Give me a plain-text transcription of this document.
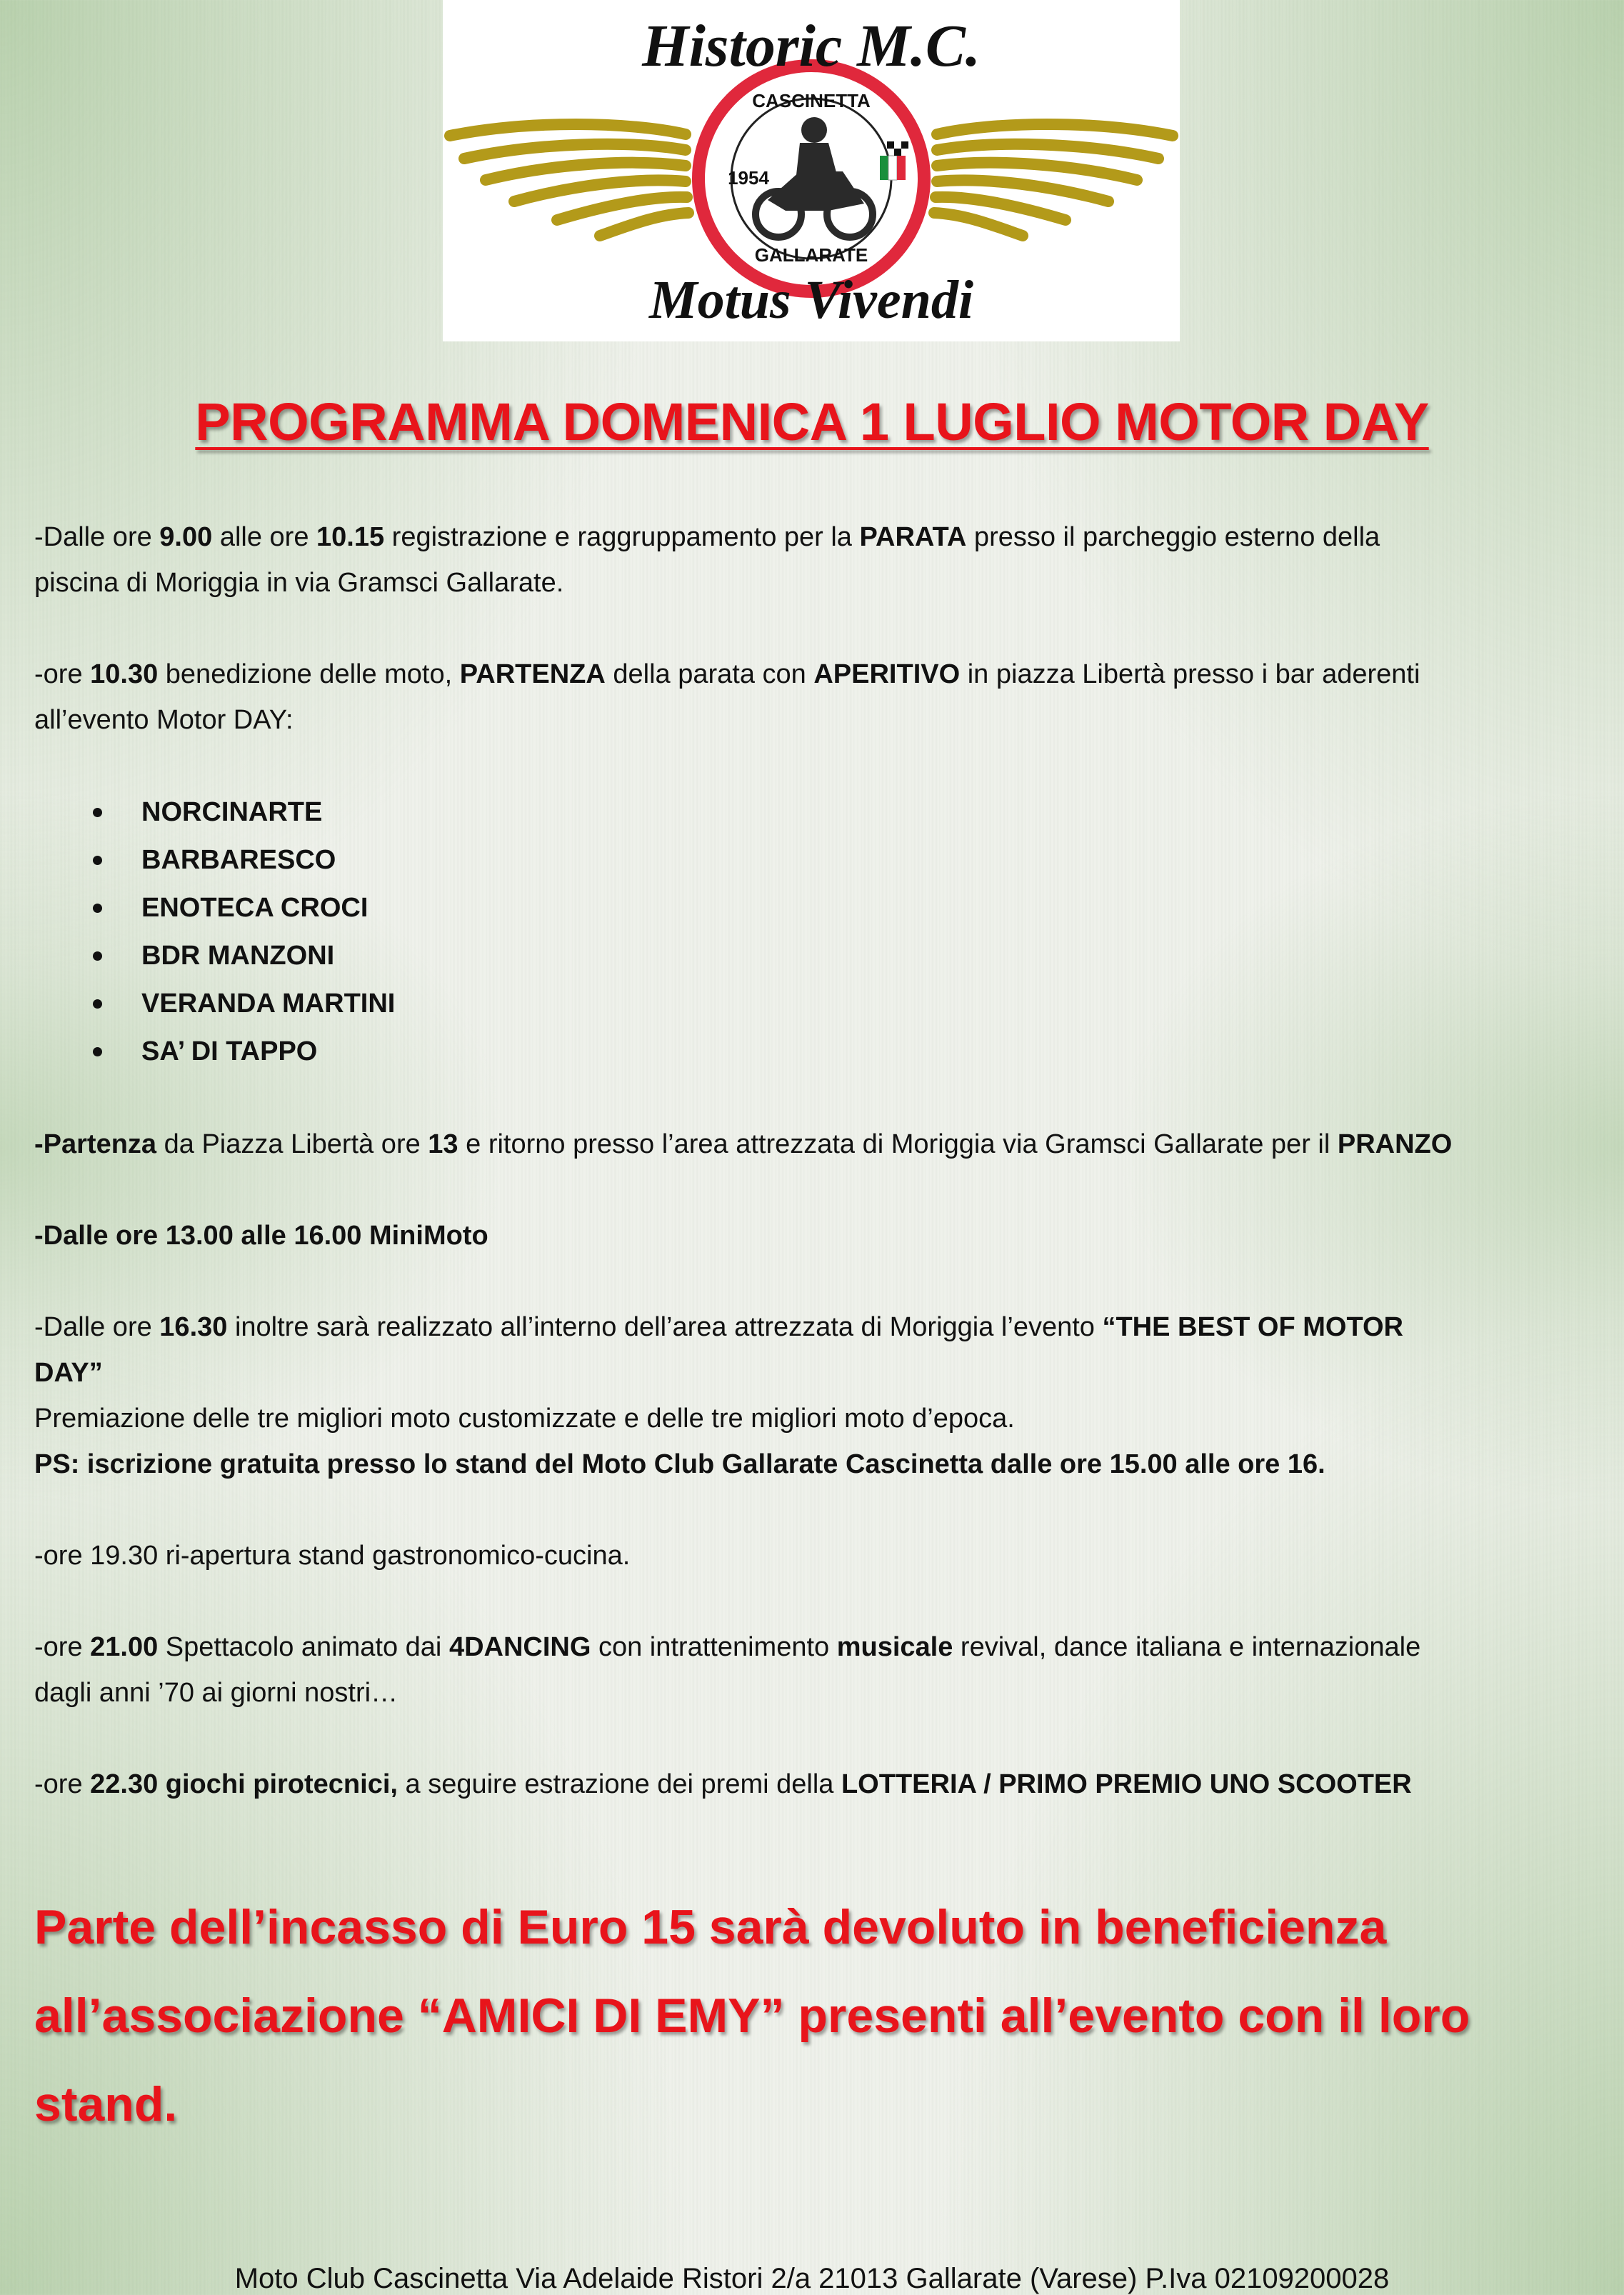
Historic M.C.
Motus Vivendi
CASCINETTA
GALLARATE
1954
PROGRAMMA DOMENICA 1 LUGLIO MOTOR DAY

-Dalle ore 9.00 alle ore 10.15 registrazione e raggruppamento per la PARATA presso il parcheggio esterno della
piscina di Moriggia in via Gramsci Gallarate.

-ore 10.30 benedizione delle moto, PARTENZA della parata con APERITIVO in piazza Libertà presso i bar aderenti
all’evento Motor DAY:

NORCINARTE
BARBARESCO
ENOTECA CROCI
BDR MANZONI
VERANDA MARTINI
SA’ DI TAPPO

-Partenza da Piazza Libertà ore 13 e ritorno presso l’area attrezzata di Moriggia via Gramsci Gallarate per il PRANZO

-Dalle ore 13.00 alle 16.00 MiniMoto

-Dalle ore 16.30 inoltre sarà realizzato all’interno dell’area attrezzata di Moriggia l’evento “THE BEST OF MOTOR
DAY”
Premiazione delle tre migliori moto customizzate e delle tre migliori moto d’epoca.
PS: iscrizione gratuita presso lo stand del Moto Club Gallarate Cascinetta dalle ore 15.00 alle ore 16.

-ore 19.30 ri-apertura stand gastronomico-cucina.

-ore 21.00 Spettacolo animato dai 4DANCING con intrattenimento musicale revival, dance italiana e internazionale
dagli anni ’70 ai giorni nostri…

-ore 22.30 giochi pirotecnici, a seguire estrazione dei premi della LOTTERIA / PRIMO PREMIO UNO SCOOTER

Parte dell’incasso di Euro 15 sarà devoluto in beneficienza
all’associazione “AMICI DI EMY” presenti all’evento con il loro
stand.
Moto Club Cascinetta Via Adelaide Ristori 2/a 21013 Gallarate (Varese) P.Iva 02109200028
